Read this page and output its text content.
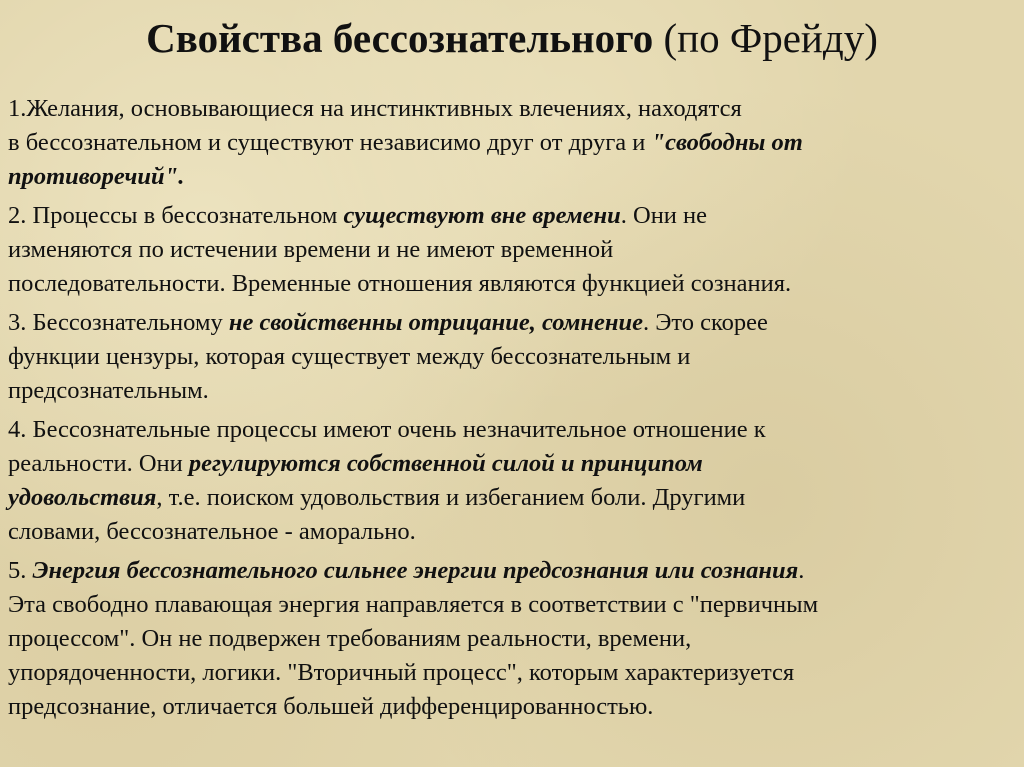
Свойства бессознательного (по Фрейду)
1.Желания, основывающиеся на инстинктивных влечениях, находятся
в бессознательном и существуют независимо друг от друга и "свободны от
противоречий".
2. Процессы в бессознательном существуют вне времени. Они не
изменяются по истечении времени и не имеют временной
последовательности. Временные отношения являются функцией сознания.
3. Бессознательному не свойственны отрицание, сомнение. Это скорее
функции цензуры, которая существует между бессознательным и
предсознательным.
4. Бессознательные процессы имеют очень незначительное отношение к
реальности. Они регулируются собственной силой и принципом
удовольствия, т.е. поиском удовольствия и избеганием боли. Другими
словами, бессознательное - аморально.
5. Энергия бессознательного сильнее энергии предсознания или сознания.
Эта свободно плавающая энергия направляется в соответствии с "первичным
процессом". Он не подвержен требованиям реальности, времени,
упорядоченности, логики. "Вторичный процесс", которым характеризуется
предсознание, отличается большей дифференцированностью.
